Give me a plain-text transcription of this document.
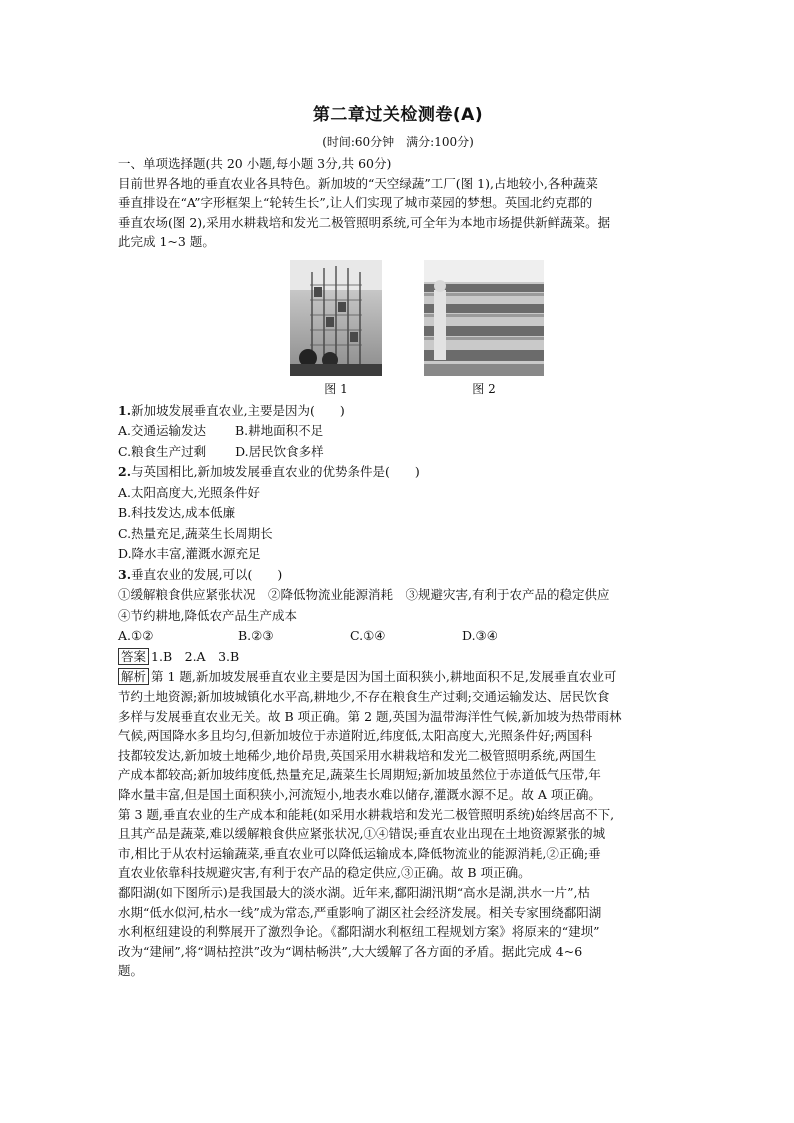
第二章过关检测卷(A)
(时间:60分钟　满分:100分)
一、单项选择题(共 20 小题,每小题 3分,共 60分)

目前世界各地的垂直农业各具特色。新加坡的“天空绿蔬”工厂(图 1),占地较小,各种蔬菜

垂直排设在“A”字形框架上“轮转生长”,让人们实现了城市菜园的梦想。英国北约克郡的

垂直农场(图 2),采用水耕栽培和发光二极管照明系统,可全年为本地市场提供新鲜蔬菜。据

此完成 1~3 题。

图 1	图 2

1.新加坡发展垂直农业,主要是因为(　　)

A.交通运输发达　　 B.耕地面积不足

C.粮食生产过剩　　 D.居民饮食多样

2.与英国相比,新加坡发展垂直农业的优势条件是(　　)

A.太阳高度大,光照条件好

B.科技发达,成本低廉

C.热量充足,蔬菜生长周期长

D.降水丰富,灌溉水源充足

3.垂直农业的发展,可以(　　)

①缓解粮食供应紧张状况　②降低物流业能源消耗　③规避灾害,有利于农产品的稳定供应

④节约耕地,降低农产品生产成本

A.①②	B.②③	C.①④	D.③④

答案 1.B　2.A　3.B

解析 第 1 题,新加坡发展垂直农业主要是因为国土面积狭小,耕地面积不足,发展垂直农业可

节约土地资源;新加坡城镇化水平高,耕地少,不存在粮食生产过剩;交通运输发达、居民饮食

多样与发展垂直农业无关。故 B 项正确。第 2 题,英国为温带海洋性气候,新加坡为热带雨林

气候,两国降水多且均匀,但新加坡位于赤道附近,纬度低,太阳高度大,光照条件好;两国科

技都较发达,新加坡土地稀少,地价昂贵,英国采用水耕栽培和发光二极管照明系统,两国生

产成本都较高;新加坡纬度低,热量充足,蔬菜生长周期短;新加坡虽然位于赤道低气压带,年

降水量丰富,但是国土面积狭小,河流短小,地表水难以储存,灌溉水源不足。故 A 项正确。

第 3 题,垂直农业的生产成本和能耗(如采用水耕栽培和发光二极管照明系统)始终居高不下,

且其产品是蔬菜,难以缓解粮食供应紧张状况,①④错误;垂直农业出现在土地资源紧张的城

市,相比于从农村运输蔬菜,垂直农业可以降低运输成本,降低物流业的能源消耗,②正确;垂

直农业依靠科技规避灾害,有利于农产品的稳定供应,③正确。故 B 项正确。

鄱阳湖(如下图所示)是我国最大的淡水湖。近年来,鄱阳湖汛期“高水是湖,洪水一片”,枯

水期“低水似河,枯水一线”成为常态,严重影响了湖区社会经济发展。相关专家围绕鄱阳湖

水利枢纽建设的利弊展开了激烈争论。《鄱阳湖水利枢纽工程规划方案》将原来的“建坝”

改为“建闸”,将“调枯控洪”改为“调枯畅洪”,大大缓解了各方面的矛盾。据此完成 4~6

题。
